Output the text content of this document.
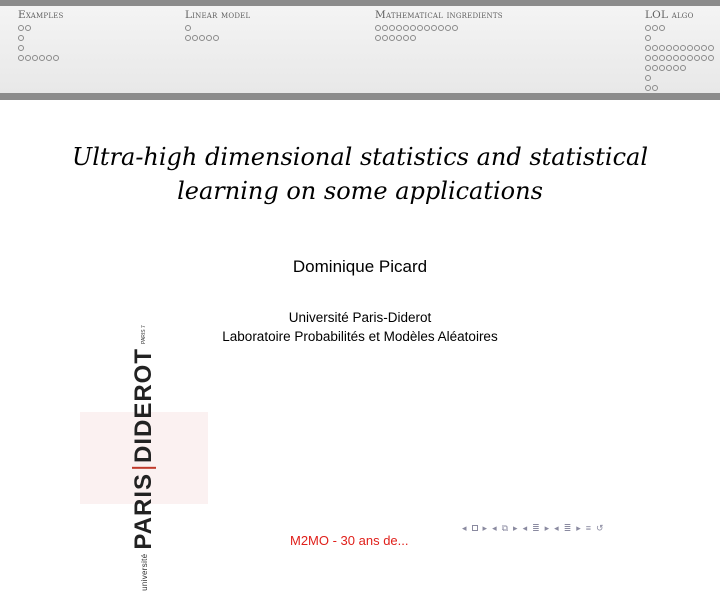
Examples	Linear model	Mathematical ingredients	LOL algo
Ultra-high dimensional statistics and statistical
learning on some applications
Dominique Picard
Université Paris-Diderot
Laboratoire Probabilités et Modèles Aléatoires
université
PARIS
DIDEROT
PARIS 7
M2MO - 30 ans de...
◂ ▸ ◂ ⧉ ▸ ◂ ≣ ▸ ◂ ≣ ▸ ≡ ↺
